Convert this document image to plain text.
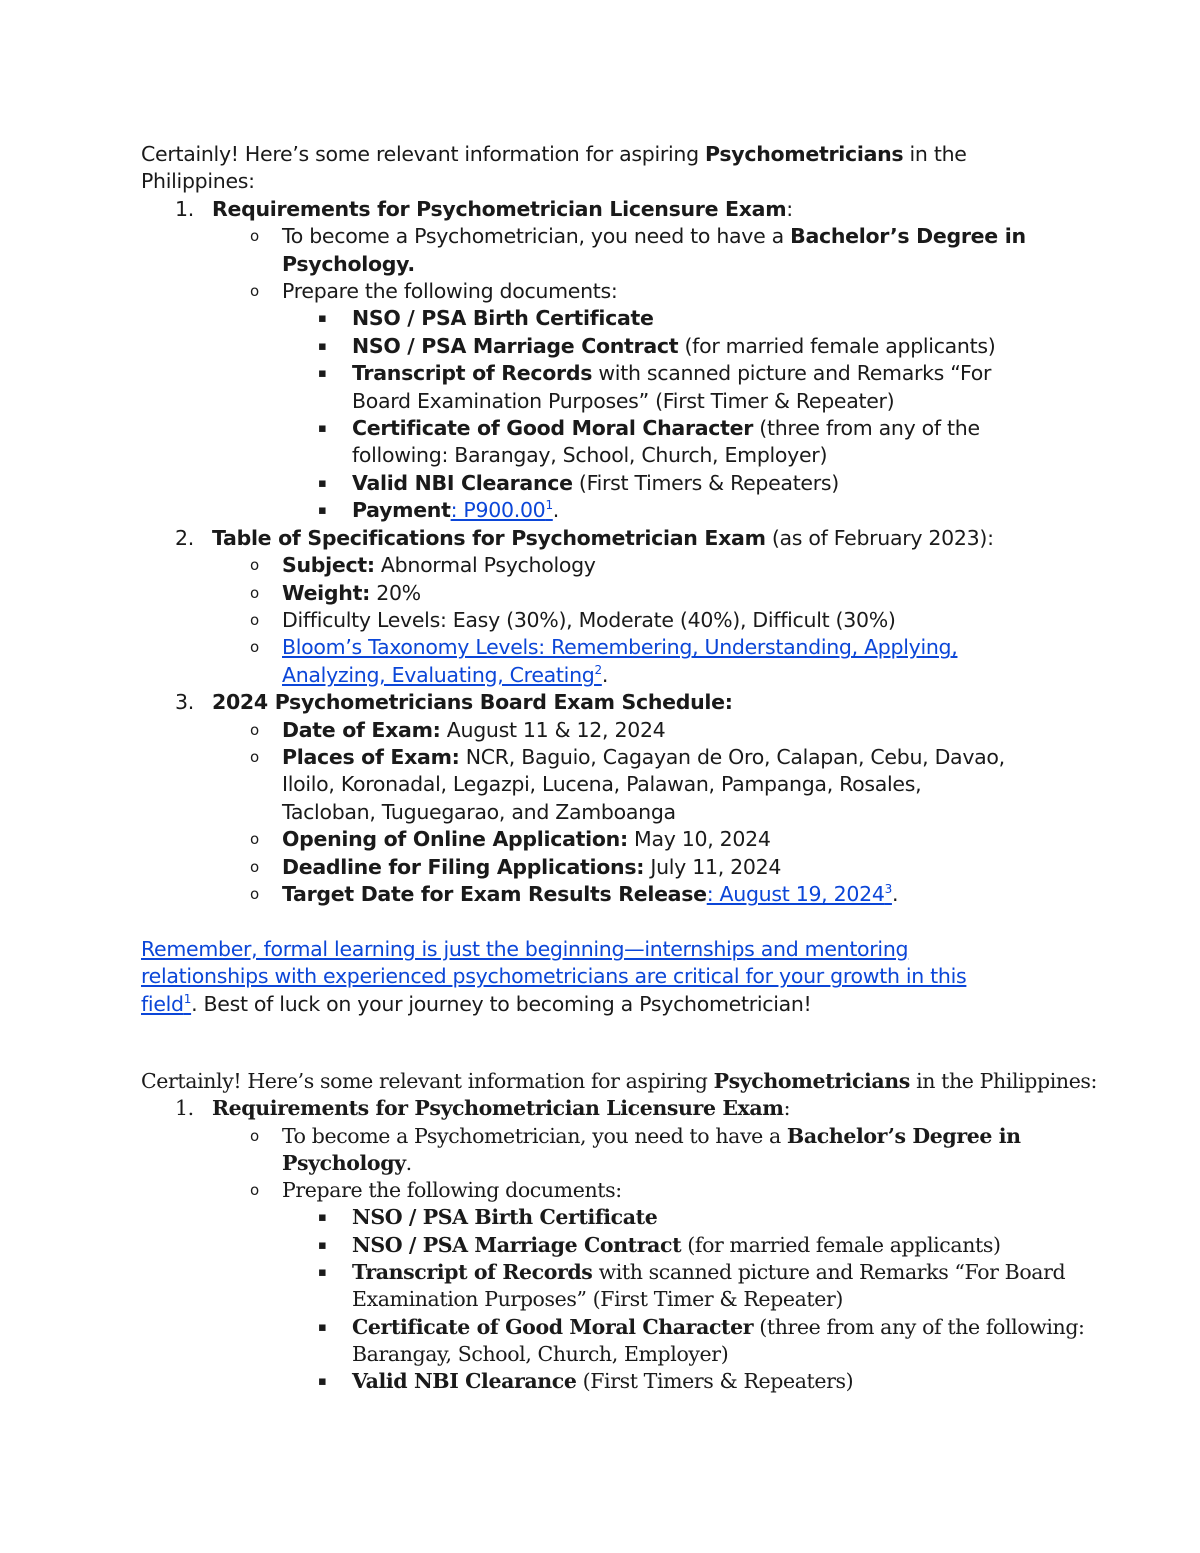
Certainly! Here’s some relevant information for aspiring Psychometricians in the
Philippines:
1. Requirements for Psychometrician Licensure Exam:
o To become a Psychometrician, you need to have a Bachelor’s Degree in
Psychology.
o Prepare the following documents:
▪ NSO / PSA Birth Certificate
▪ NSO / PSA Marriage Contract (for married female applicants)
▪ Transcript of Records with scanned picture and Remarks “For
Board Examination Purposes” (First Timer & Repeater)
▪ Certificate of Good Moral Character (three from any of the
following: Barangay, School, Church, Employer)
▪ Valid NBI Clearance (First Timers & Repeaters)
▪ Payment: P900.00$^1$.
2. Table of Specifications for Psychometrician Exam (as of February 2023):
o Subject: Abnormal Psychology
o Weight: 20%
o Difficulty Levels: Easy (30%), Moderate (40%), Difficult (30%)
o Bloom’s Taxonomy Levels: Remembering, Understanding, Applying,
Analyzing, Evaluating, Creating$^2$.
3. 2024 Psychometricians Board Exam Schedule:
o Date of Exam: August 11 & 12, 2024
o Places of Exam: NCR, Baguio, Cagayan de Oro, Calapan, Cebu, Davao,
Iloilo, Koronadal, Legazpi, Lucena, Palawan, Pampanga, Rosales,
Tacloban, Tuguegarao, and Zamboanga
o Opening of Online Application: May 10, 2024
o Deadline for Filing Applications: July 11, 2024
o Target Date for Exam Results Release: August 19, 2024$^3$.
Remember, formal learning is just the beginning—internships and mentoring
relationships with experienced psychometricians are critical for your growth in this
field$^1$. Best of luck on your journey to becoming a Psychometrician!
Certainly! Here’s some relevant information for aspiring Psychometricians in the Philippines:
1. Requirements for Psychometrician Licensure Exam:
o To become a Psychometrician, you need to have a Bachelor’s Degree in
Psychology.
o Prepare the following documents:
▪ NSO / PSA Birth Certificate
▪ NSO / PSA Marriage Contract (for married female applicants)
▪ Transcript of Records with scanned picture and Remarks “For Board
Examination Purposes” (First Timer & Repeater)
▪ Certificate of Good Moral Character (three from any of the following:
Barangay, School, Church, Employer)
▪ Valid NBI Clearance (First Timers & Repeaters)
